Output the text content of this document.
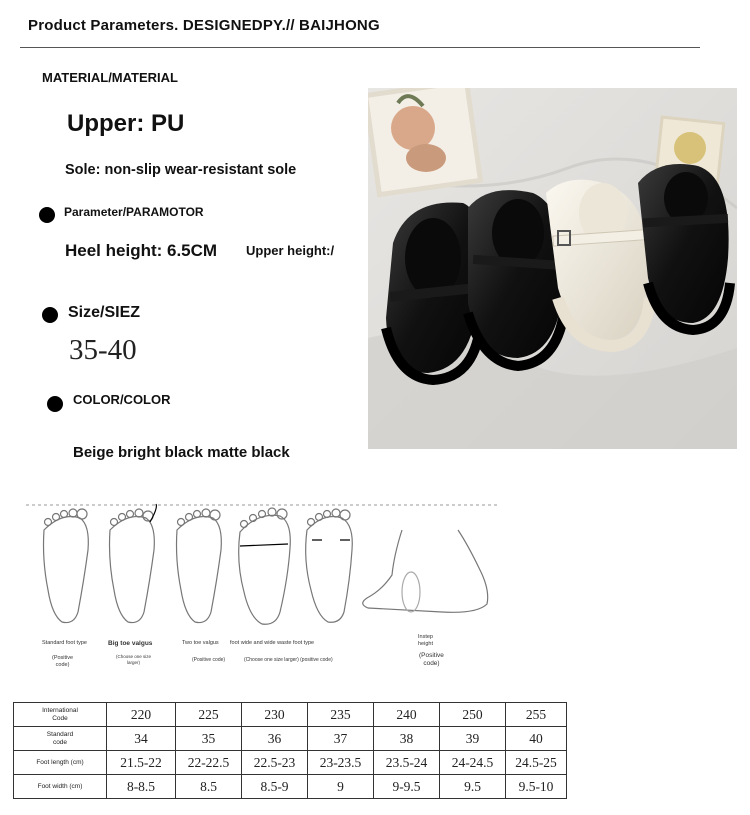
Product Parameters. DESIGNEDPY.// BAIJHONG
MATERIAL/MATERIAL
Upper: PU
Sole: non-slip wear-resistant sole
Parameter/PARAMOTOR
Heel height: 6.5CM Upper height:/
Size/SIEZ
35-40
COLOR/COLOR
Beige bright black matte black
Standard foot type
(Positive
code)
Big toe valgus
(Choose one size
larger)
Two toe valgus
(Positive code)
foot wide and wide waste foot type
(Choose one size larger) (positive code)
Instep
height
(Positive
code)
International
Code	220	225	230	235	240	250	255
Standard
code	34	35	36	37	38	39	40
Foot length (cm)	21.5-22	22-22.5	22.5-23	23-23.5	23.5-24	24-24.5	24.5-25
Foot width (cm)	8-8.5	8.5	8.5-9	9	9-9.5	9.5	9.5-10
